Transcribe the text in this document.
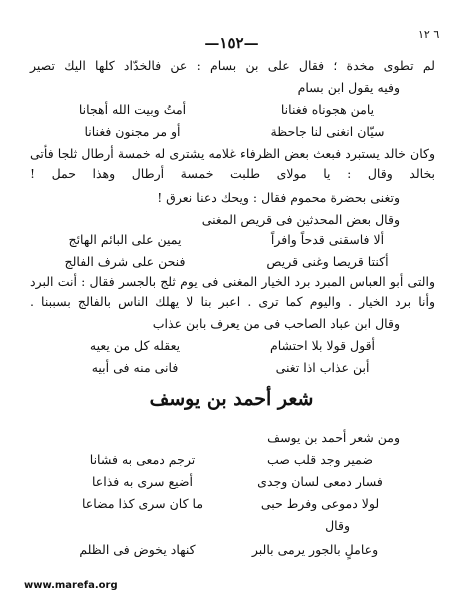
٦ ١٢
—١٥٢—
لم تطوى مخدة ؛ فقال على بن بسام : عن فالخدّاد كلها اليك تصير
وفيه يقول ابن بسام
يامن هجوناه فغنانا
أمتُ وبيت الله أهجانا
سيّان انغنى لنا جاحظة
أو مر مجنون فغنانا
وكان خالد يستبرد فبعث بعض الظرفاء غلامه يشترى له خمسة أرطال ثلجا فأتى
بخالد وقال : يا مولاى طلبت خمسة أرطال وهذا حمل !
وتغنى بحضرة محموم فقال : ويحك دعنا نعرق !
وقال بعض المحدثين فى قريص المغنى
ألا فاسقنى قدحاً وافراً
يمين على البائم الهائج
أكنتا قريصا وغنى قريص
فنحن على شرف الفالج
والتى أبو العباس المبرد برد الخيار المغنى فى يوم ثلج بالجسر فقال : أنت البرد
وأنا برد الخيار . واليوم كما ترى . اعبر بنا لا يهلك الناس بالفالج بسببنا .
وقال ابن عباد الصاحب فى من يعرف بابن عذاب
أقول قولا بلا احتشام
يعقله كل من يعيه
أبن عذاب اذا تغنى
فانى منه فى أبيه
شعر أحمد بن يوسف
ومن شعر أحمد بن يوسف
ضمير وجد قلب صب
ترجم دمعى به فشانا
فسار دمعى لسان وجدى
أضيع سرى به فذاعا
لولا دموعى وفرط حبى
ما كان سرى كذا مضاعا
وقال
وعاملٍ بالجور يرمى بالبر
كنهاد يخوض فى الظلم
www.marefa.org
